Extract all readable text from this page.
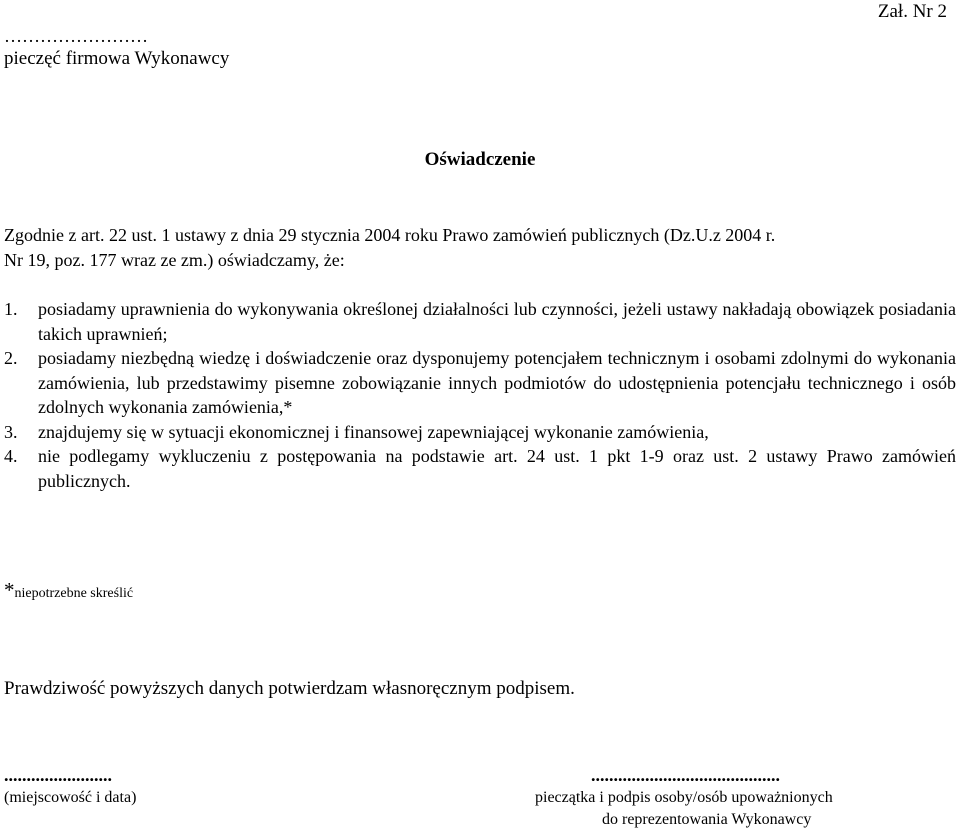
Zał. Nr 2
……………………
pieczęć firmowa Wykonawcy
Oświadczenie

Zgodnie z art. 22 ust. 1 ustawy z dnia 29 stycznia 2004 roku Prawo zamówień publicznych (Dz.U.z 2004 r.

Nr 19, poz. 177 wraz ze zm.) oświadczamy, że:

1.	posiadamy uprawnienia do wykonywania określonej działalności lub czynności, jeżeli ustawy nakładają obowiązek posiadania takich uprawnień;
2.	posiadamy niezbędną wiedzę i doświadczenie oraz dysponujemy potencjałem technicznym i osobami zdolnymi do wykonania zamówienia, lub przedstawimy pisemne zobowiązanie innych podmiotów do udostępnienia potencjału technicznego i osób zdolnych wykonania zamówienia,*
3.	znajdujemy się w sytuacji ekonomicznej i finansowej zapewniającej wykonanie zamówienia,
4.	nie podlegamy wykluczeniu z postępowania na podstawie art. 24 ust. 1 pkt 1-9 oraz ust. 2 ustawy Prawo zamówień publicznych.
*niepotrzebne skreślić
Prawdziwość powyższych danych potwierdzam własnoręcznym podpisem.
........................
(miejscowość i data)
..........................................
pieczątka i podpis osoby/osób upoważnionych
do reprezentowania Wykonawcy
